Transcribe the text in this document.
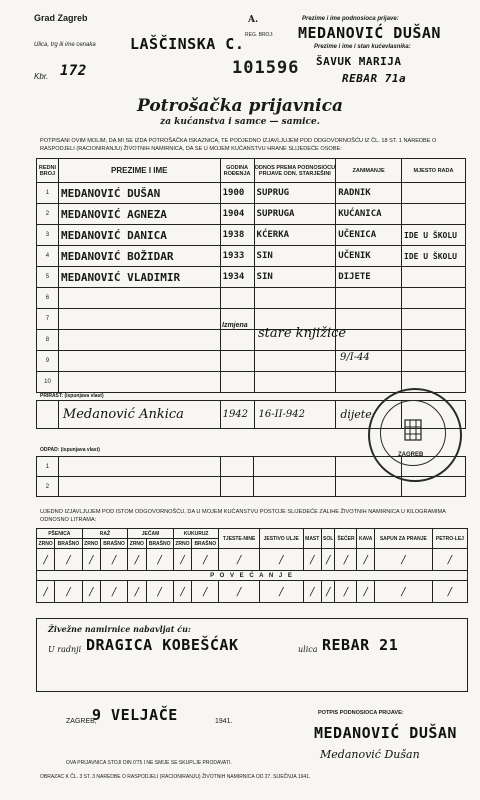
Grad Zagreb	A.
Ulica, trg ili ime cenaka LAŠČINSKA C.
Kbr. 172
REG. BROJ:
101596
Prezime i ime podnosioca prijave:
MEDANOVIĆ DUŠAN
Prezime i ime i stan kućevlasnika:
ŠAVUK MARIJA
REBAR 71a
Potrošačka prijavnica
za kućanstva i samce — samice.
POTPISANI OVIM MOLIM, DA MI SE IZDA POTROŠAČKA ISKAZNICA, TE PODJEDNO IZJAVLJUJEM POD ODGOVORNOŠĆU IZ ČL. 18 ST. 1 NAREDBE O RASPODJELI (RACIONIRANJU) ŽIVOTNIH NAMIRNICA, DA SE U MOJEM KUĆANSTVU HRANE SLIJEDEĆE OSOBE:
REDNI BROJ	PREZIME I IME	GODINA ROĐENJA	ODNOS PREMA PODNOSIOCU PRIJAVE ODN. STARJEŠINI	ZANIMANJE	MJESTO RADA
1	MEDANOVIĆ DUŠAN	1900	SUPRUG	RADNIK	
2	MEDANOVIĆ AGNEZA	1904	SUPRUGA	KUĆANICA	
3	MEDANOVIĆ DANICA	1938	KĆERKA	UČENICA	IDE U ŠKOLU
4	MEDANOVIĆ BOŽIDAR	1933	SIN	UČENIK	IDE U ŠKOLU
5	MEDANOVIĆ VLADIMIR	1934	SIN	DIJETE	
6					
7					
8					
9					
10					
Izmjena
stare knjižice
9/I-44
PRIRAST: (ispunjava vlast)
	Medanović Ankica	1942	16-II-942	dijete	
ODPAD: (ispunjava vlast)
1					
2					
ZAGREB
UJEDNO IZJAVLJUJEM POD ISTOM ODGOVORNOŠĆU, DA U MOJEM KUĆANSTVU POSTOJE SLIJEDEĆE ZALIHE ŽIVOTNIH NAMIRNICA U KILOGRAMIMA ODNOSNO LITRAMA:
PŠENICA		RAŽ		JEČAM		KUKURUZ		TJESTE-NINE	JESTIVO ULJE	MAST	SOL	ŠEĆER	KAVA	SAPUN ZA PRANJE	PETRO-LEJ
ZRNO	BRAŠNO	ZRNO	BRAŠNO	ZRNO	BRAŠNO	ZRNO	BRAŠNO								
/	/	/	/	/	/	/	/	/	/	/	/	/	/	/	/
P O V E Ć A N J E															
/	/	/	/	/	/	/	/	/	/	/	/	/	/	/	/
Živežne namirnice nabavljat ću:
U radnji DRAGICA KOBEŠĆAK	ulica REBAR 21
ZAGREB,
9 VELJAČE	1941.
POTPIS PODNOSIOCA PRIJAVE:
MEDANOVIĆ DUŠAN
Medanović Dušan
OVA PRIJAVNICA STOJI DIN 0'75 I NE SMIJE SE SKUPLJE PRODAVATI.
OBRAZAC K ČL. 3 ST. 3 NAREDBE O RASPODJELI (RACIONIRANJU) ŽIVOTNIH NAMIRNICA OD 27. SIJEČNJA 1941.
